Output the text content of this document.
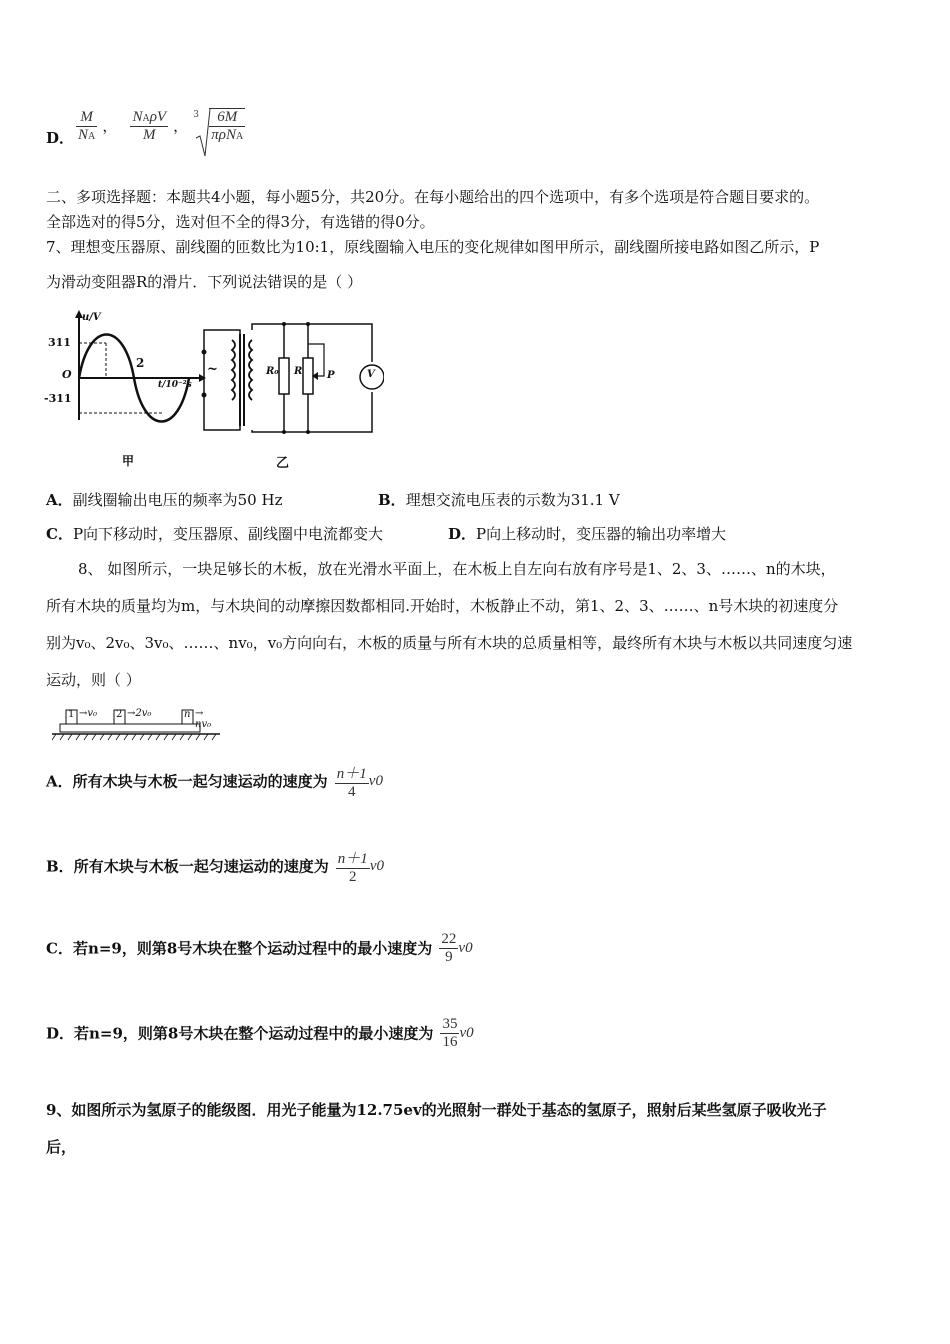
D． $\frac{M}{NA}$ ， $\frac{\text{NAρV}}{M}$ ，
$3 \frac{6M}{\text{πρNA}}$
二、多项选择题：本题共4小题，每小题5分，共20分。在每小题给出的四个选项中，有多个选项是符合题目要求的。
全部选对的得5分，选对但不全的得3分，有选错的得0分。
7、理想变压器原、副线圈的匝数比为10:1，原线圈输入电压的变化规律如图甲所示，副线圈所接电路如图乙所示，P
为滑动变阻器R的滑片．下列说法错误的是（ ）
u/V
311
O
-311
2
t/10⁻²s
~	R₀ R P	V
甲	乙
A．副线圈输出电压的频率为50 Hz	B．理想交流电压表的示数为31.1 V
C．P向下移动时，变压器原、副线圈中电流都变大	D．P向上移动时，变压器的输出功率增大
8、 如图所示，一块足够长的木板，放在光滑水平面上，在木板上自左向右放有序号是1、2、3、……、n的木块，
所有木块的质量均为m，与木块间的动摩擦因数都相同.开始时，木板静止不动，第1、2、3、……、n号木块的初速度分
别为v₀、2v₀、3v₀、……、nv₀，v₀方向向右，木板的质量与所有木块的总质量相等，最终所有木块与木板以共同速度匀速
运动，则（ ）
1 →v₀ 2 →2v₀	n → nv₀
A．所有木块与木板一起匀速运动的速度为 $\frac{n+1}{4} v0$
B．所有木块与木板一起匀速运动的速度为 $\frac{n+1}{2} v0$
C．若n=9，则第8号木块在整个运动过程中的最小速度为 $\frac{22}{9} v0$
D．若n=9，则第8号木块在整个运动过程中的最小速度为 $\frac{35}{16} v0$
9、如图所示为氢原子的能级图．用光子能量为12.75ev的光照射一群处于基态的氢原子，照射后某些氢原子吸收光子
后，
